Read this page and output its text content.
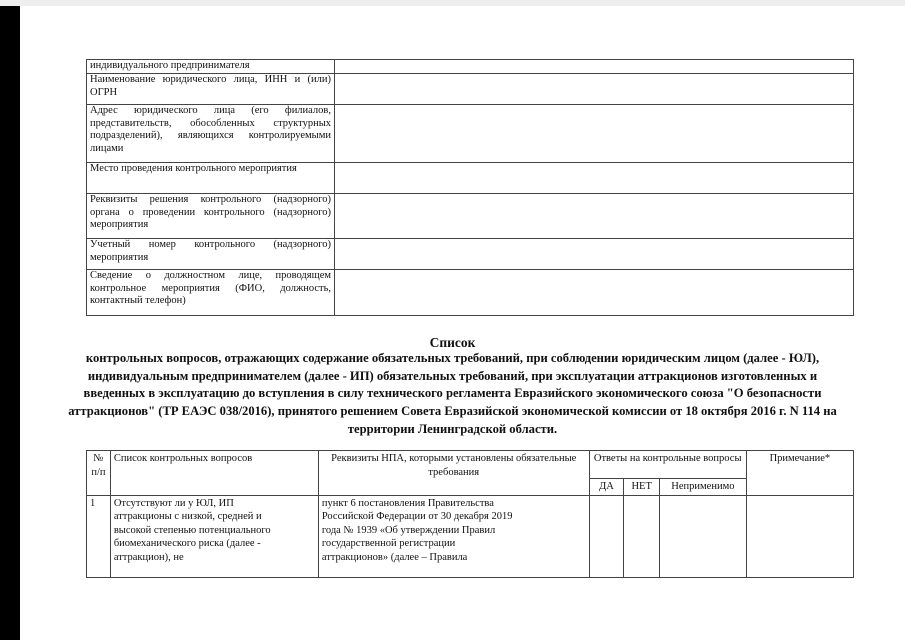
индивидуального предпринимателя	
Наименование юридического лица, ИНН и (или) ОГРН	
Адрес юридического лица (его филиалов, представительств, обособленных структурных подразделений), являющихся контролируемыми лицами	
Место проведения контрольного мероприятия	
Реквизиты решения контрольного (надзорного) органа о проведении контрольного (надзорного) мероприятия	
Учетный номер контрольного (надзорного) мероприятия	
Сведение о должностном лице, проводящем контрольное мероприятия (ФИО, должность, контактный телефон)	
Список
контрольных вопросов, отражающих содержание обязательных требований, при соблюдении юридическим лицом (далее - ЮЛ), индивидуальным предпринимателем (далее - ИП) обязательных требований, при эксплуатации аттракционов изготовленных и введенных в эксплуатацию до вступления в силу технического регламента Евразийского экономического союза "О безопасности аттракционов" (ТР ЕАЭС 038/2016), принятого решением Совета Евразийской экономической комиссии от 18 октября 2016 г. N 114 на территории Ленинградской области.
№ п/п	Список контрольных вопросов	Реквизиты НПА, которыми установлены обязательные требования	Ответы на контрольные вопросы			Примечание*
			ДА	НЕТ	Неприменимо	
1	Отсутствуют ли у ЮЛ, ИП
аттракционы с низкой, средней и
высокой степенью потенциального
биомеханического риска (далее -
аттракцион), не	пункт 6 постановления Правительства
Российской Федерации от 30 декабря 2019
года № 1939 «Об утверждении Правил
государственной регистрации
аттракционов» (далее – Правила				
